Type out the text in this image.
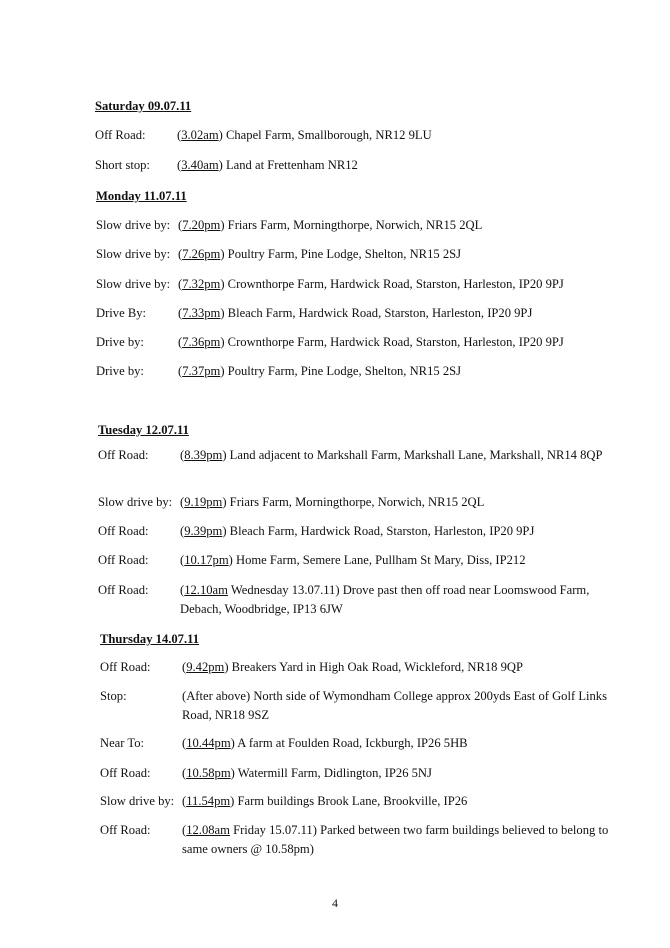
Saturday 09.07.11
Off Road:	(3.02am) Chapel Farm, Smallborough, NR12 9LU
Short stop: (3.40am) Land at Frettenham NR12
Monday 11.07.11
Slow drive by: (7.20pm) Friars Farm, Morningthorpe, Norwich, NR15 2QL
Slow drive by: (7.26pm) Poultry Farm, Pine Lodge, Shelton, NR15 2SJ
Slow drive by: (7.32pm) Crownthorpe Farm, Hardwick Road, Starston, Harleston, IP20 9PJ
Drive By:	(7.33pm) Bleach Farm, Hardwick Road, Starston, Harleston, IP20 9PJ
Drive by:	(7.36pm) Crownthorpe Farm, Hardwick Road, Starston, Harleston, IP20 9PJ
Drive by:	(7.37pm) Poultry Farm, Pine Lodge, Shelton, NR15 2SJ
Tuesday 12.07.11
Off Road:	(8.39pm) Land adjacent to Markshall Farm, Markshall Lane, Markshall, NR14 8QP
Slow drive by: (9.19pm) Friars Farm, Morningthorpe, Norwich, NR15 2QL
Off Road:	(9.39pm) Bleach Farm, Hardwick Road, Starston, Harleston, IP20 9PJ
Off Road:	(10.17pm) Home Farm, Semere Lane, Pullham St Mary, Diss, IP212
Off Road:	(12.10am Wednesday 13.07.11) Drove past then off road near Loomswood Farm, Debach, Woodbridge, IP13 6JW
Thursday 14.07.11
Off Road:	(9.42pm) Breakers Yard in High Oak Road, Wickleford, NR18 9QP
Stop:	(After above) North side of Wymondham College approx 200yds East of Golf Links Road, NR18 9SZ
Near To:	(10.44pm) A farm at Foulden Road, Ickburgh, IP26 5HB
Off Road:	(10.58pm) Watermill Farm, Didlington, IP26 5NJ
Slow drive by: (11.54pm) Farm buildings Brook Lane, Brookville, IP26
Off Road:	(12.08am Friday 15.07.11) Parked between two farm buildings believed to belong to same owners @ 10.58pm)
4
